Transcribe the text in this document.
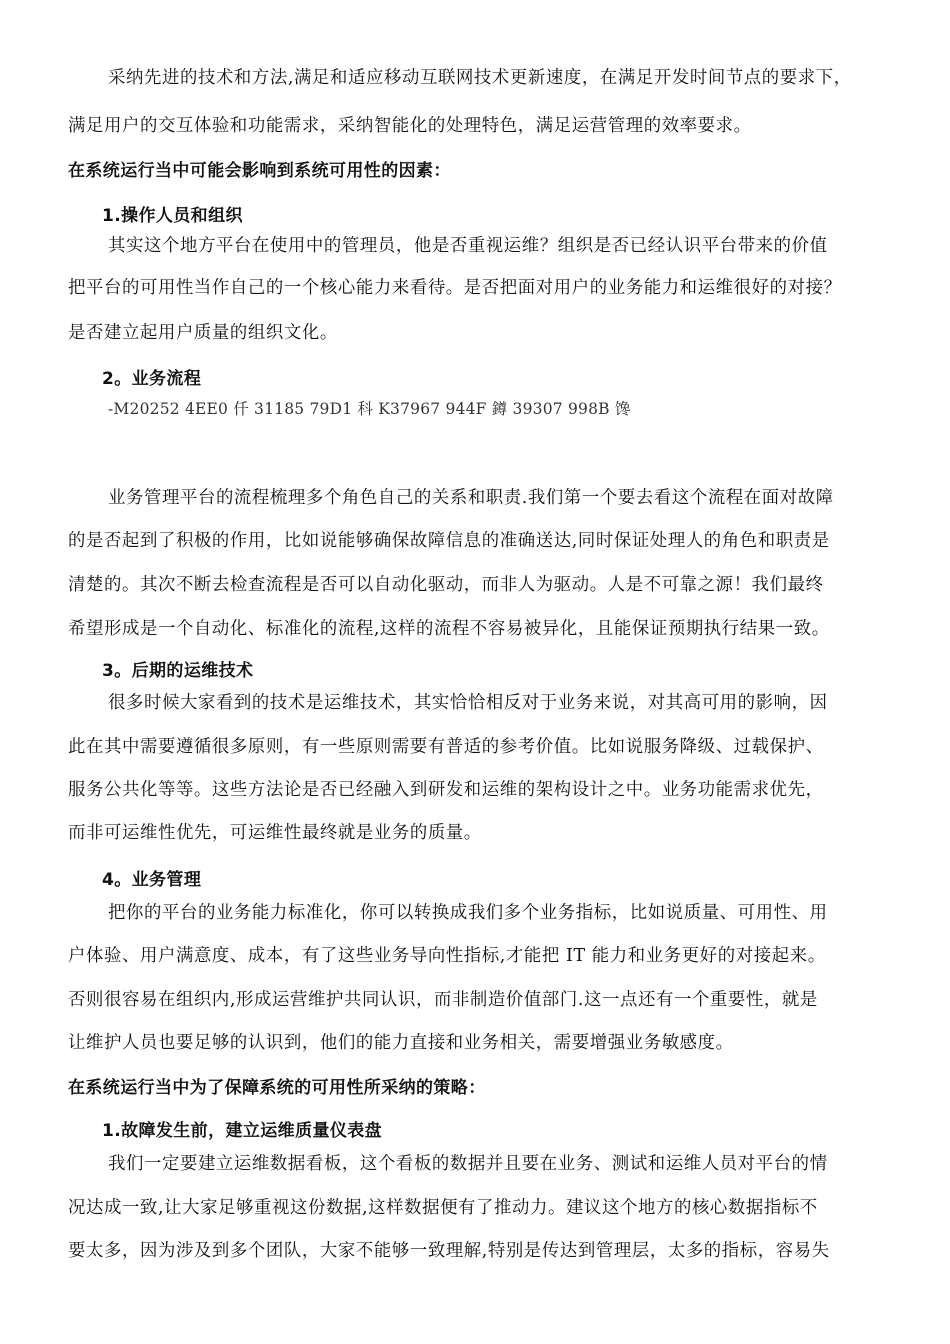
采纳先进的技术和方法,满足和适应移动互联网技术更新速度，在满足开发时间节点的要求下，
满足用户的交互体验和功能需求，采纳智能化的处理特色，满足运营管理的效率要求。
在系统运行当中可能会影响到系统可用性的因素：
1.操作人员和组织
其实这个地方平台在使用中的管理员，他是否重视运维？组织是否已经认识平台带来的价值
把平台的可用性当作自己的一个核心能力来看待。是否把面对用户的业务能力和运维很好的对接？
是否建立起用户质量的组织文化。
2。业务流程
-M20252 4EE0 仟 31185 79D1 科 K37967 944F 鐏 39307 998B 馋
业务管理平台的流程梳理多个角色自己的关系和职责.我们第一个要去看这个流程在面对故障
的是否起到了积极的作用，比如说能够确保故障信息的准确送达,同时保证处理人的角色和职责是
清楚的。其次不断去检查流程是否可以自动化驱动，而非人为驱动。人是不可靠之源！我们最终
希望形成是一个自动化、标准化的流程,这样的流程不容易被异化，且能保证预期执行结果一致。
3。后期的运维技术
很多时候大家看到的技术是运维技术，其实恰恰相反对于业务来说，对其高可用的影响，因
此在其中需要遵循很多原则，有一些原则需要有普适的参考价值。比如说服务降级、过载保护、
服务公共化等等。这些方法论是否已经融入到研发和运维的架构设计之中。业务功能需求优先，
而非可运维性优先，可运维性最终就是业务的质量。
4。业务管理
把你的平台的业务能力标准化，你可以转换成我们多个业务指标，比如说质量、可用性、用
户体验、用户满意度、成本，有了这些业务导向性指标,才能把 IT 能力和业务更好的对接起来。
否则很容易在组织内,形成运营维护共同认识，而非制造价值部门.这一点还有一个重要性，就是
让维护人员也要足够的认识到，他们的能力直接和业务相关，需要增强业务敏感度。
在系统运行当中为了保障系统的可用性所采纳的策略：
1.故障发生前，建立运维质量仪表盘
我们一定要建立运维数据看板，这个看板的数据并且要在业务、测试和运维人员对平台的情
况达成一致,让大家足够重视这份数据,这样数据便有了推动力。建议这个地方的核心数据指标不
要太多，因为涉及到多个团队，大家不能够一致理解,特别是传达到管理层，太多的指标，容易失
